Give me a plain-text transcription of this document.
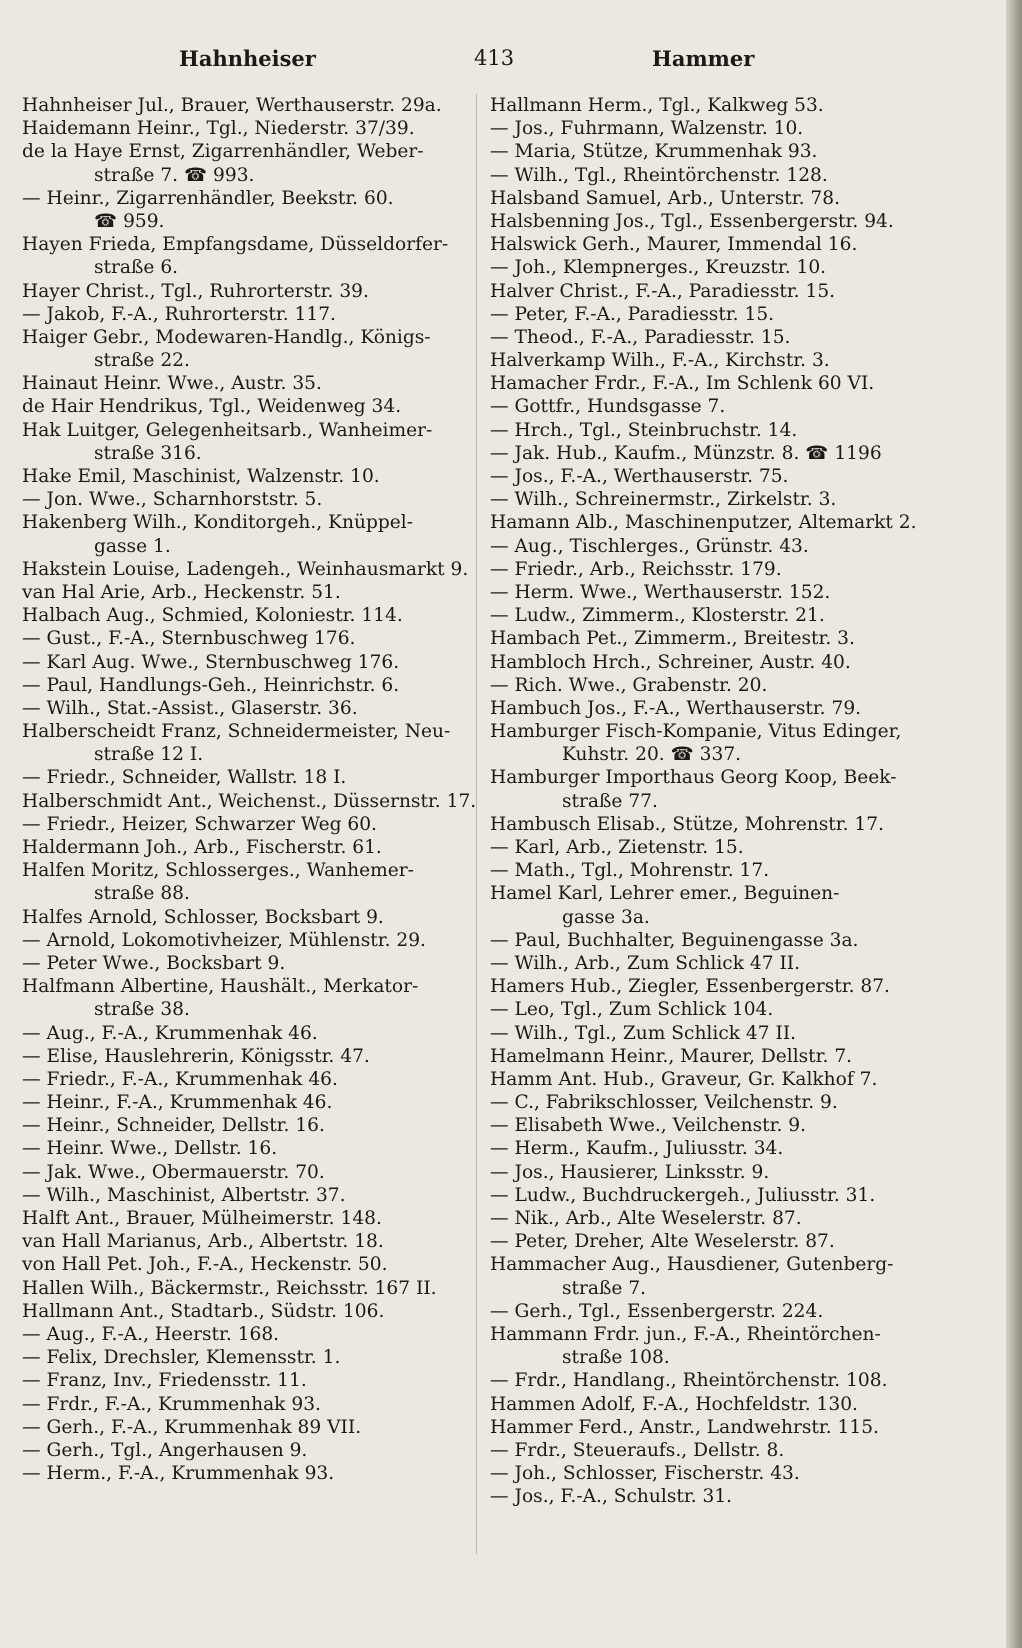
Hahnheiser	413	Hammer
Hahnheiser Jul., Brauer, Werthauserstr. 29a.
Haidemann Heinr., Tgl., Niederstr. 37/39.
de la Haye Ernst, Zigarrenhändler, Weber-
straße 7. ☎ 993.
— Heinr., Zigarrenhändler, Beekstr. 60.
☎ 959.
Hayen Frieda, Empfangsdame, Düsseldorfer-
straße 6.
Hayer Christ., Tgl., Ruhrorterstr. 39.
— Jakob, F.-A., Ruhrorterstr. 117.
Haiger Gebr., Modewaren-Handlg., Königs-
straße 22.
Hainaut Heinr. Wwe., Austr. 35.
de Hair Hendrikus, Tgl., Weidenweg 34.
Hak Luitger, Gelegenheitsarb., Wanheimer-
straße 316.
Hake Emil, Maschinist, Walzenstr. 10.
— Jon. Wwe., Scharnhorststr. 5.
Hakenberg Wilh., Konditorgeh., Knüppel-
gasse 1.
Hakstein Louise, Ladengeh., Weinhausmarkt 9.
van Hal Arie, Arb., Heckenstr. 51.
Halbach Aug., Schmied, Koloniestr. 114.
— Gust., F.-A., Sternbuschweg 176.
— Karl Aug. Wwe., Sternbuschweg 176.
— Paul, Handlungs-Geh., Heinrichstr. 6.
— Wilh., Stat.-Assist., Glaserstr. 36.
Halberscheidt Franz, Schneidermeister, Neu-
straße 12 I.
— Friedr., Schneider, Wallstr. 18 I.
Halberschmidt Ant., Weichenst., Düssernstr. 17.
— Friedr., Heizer, Schwarzer Weg 60.
Haldermann Joh., Arb., Fischerstr. 61.
Halfen Moritz, Schlosserges., Wanhemer-
straße 88.
Halfes Arnold, Schlosser, Bocksbart 9.
— Arnold, Lokomotivheizer, Mühlenstr. 29.
— Peter Wwe., Bocksbart 9.
Halfmann Albertine, Haushält., Merkator-
straße 38.
— Aug., F.-A., Krummenhak 46.
— Elise, Hauslehrerin, Königsstr. 47.
— Friedr., F.-A., Krummenhak 46.
— Heinr., F.-A., Krummenhak 46.
— Heinr., Schneider, Dellstr. 16.
— Heinr. Wwe., Dellstr. 16.
— Jak. Wwe., Obermauerstr. 70.
— Wilh., Maschinist, Albertstr. 37.
Halft Ant., Brauer, Mülheimerstr. 148.
van Hall Marianus, Arb., Albertstr. 18.
von Hall Pet. Joh., F.-A., Heckenstr. 50.
Hallen Wilh., Bäckermstr., Reichsstr. 167 II.
Hallmann Ant., Stadtarb., Südstr. 106.
— Aug., F.-A., Heerstr. 168.
— Felix, Drechsler, Klemensstr. 1.
— Franz, Inv., Friedensstr. 11.
— Frdr., F.-A., Krummenhak 93.
— Gerh., F.-A., Krummenhak 89 VII.
— Gerh., Tgl., Angerhausen 9.
— Herm., F.-A., Krummenhak 93.
Hallmann Herm., Tgl., Kalkweg 53.
— Jos., Fuhrmann, Walzenstr. 10.
— Maria, Stütze, Krummenhak 93.
— Wilh., Tgl., Rheintörchenstr. 128.
Halsband Samuel, Arb., Unterstr. 78.
Halsbenning Jos., Tgl., Essenbergerstr. 94.
Halswick Gerh., Maurer, Immendal 16.
— Joh., Klempnerges., Kreuzstr. 10.
Halver Christ., F.-A., Paradiesstr. 15.
— Peter, F.-A., Paradiesstr. 15.
— Theod., F.-A., Paradiesstr. 15.
Halverkamp Wilh., F.-A., Kirchstr. 3.
Hamacher Frdr., F.-A., Im Schlenk 60 VI.
— Gottfr., Hundsgasse 7.
— Hrch., Tgl., Steinbruchstr. 14.
— Jak. Hub., Kaufm., Münzstr. 8. ☎ 1196
— Jos., F.-A., Werthauserstr. 75.
— Wilh., Schreinermstr., Zirkelstr. 3.
Hamann Alb., Maschinenputzer, Altemarkt 2.
— Aug., Tischlerges., Grünstr. 43.
— Friedr., Arb., Reichsstr. 179.
— Herm. Wwe., Werthauserstr. 152.
— Ludw., Zimmerm., Klosterstr. 21.
Hambach Pet., Zimmerm., Breitestr. 3.
Hambloch Hrch., Schreiner, Austr. 40.
— Rich. Wwe., Grabenstr. 20.
Hambuch Jos., F.-A., Werthauserstr. 79.
Hamburger Fisch-Kompanie, Vitus Edinger,
Kuhstr. 20. ☎ 337.
Hamburger Importhaus Georg Koop, Beek-
straße 77.
Hambusch Elisab., Stütze, Mohrenstr. 17.
— Karl, Arb., Zietenstr. 15.
— Math., Tgl., Mohrenstr. 17.
Hamel Karl, Lehrer emer., Beguinen-
gasse 3a.
— Paul, Buchhalter, Beguinengasse 3a.
— Wilh., Arb., Zum Schlick 47 II.
Hamers Hub., Ziegler, Essenbergerstr. 87.
— Leo, Tgl., Zum Schlick 104.
— Wilh., Tgl., Zum Schlick 47 II.
Hamelmann Heinr., Maurer, Dellstr. 7.
Hamm Ant. Hub., Graveur, Gr. Kalkhof 7.
— C., Fabrikschlosser, Veilchenstr. 9.
— Elisabeth Wwe., Veilchenstr. 9.
— Herm., Kaufm., Juliusstr. 34.
— Jos., Hausierer, Linksstr. 9.
— Ludw., Buchdruckergeh., Juliusstr. 31.
— Nik., Arb., Alte Weselerstr. 87.
— Peter, Dreher, Alte Weselerstr. 87.
Hammacher Aug., Hausdiener, Gutenberg-
straße 7.
— Gerh., Tgl., Essenbergerstr. 224.
Hammann Frdr. jun., F.-A., Rheintörchen-
straße 108.
— Frdr., Handlang., Rheintörchenstr. 108.
Hammen Adolf, F.-A., Hochfeldstr. 130.
Hammer Ferd., Anstr., Landwehrstr. 115.
— Frdr., Steueraufs., Dellstr. 8.
— Joh., Schlosser, Fischerstr. 43.
— Jos., F.-A., Schulstr. 31.
